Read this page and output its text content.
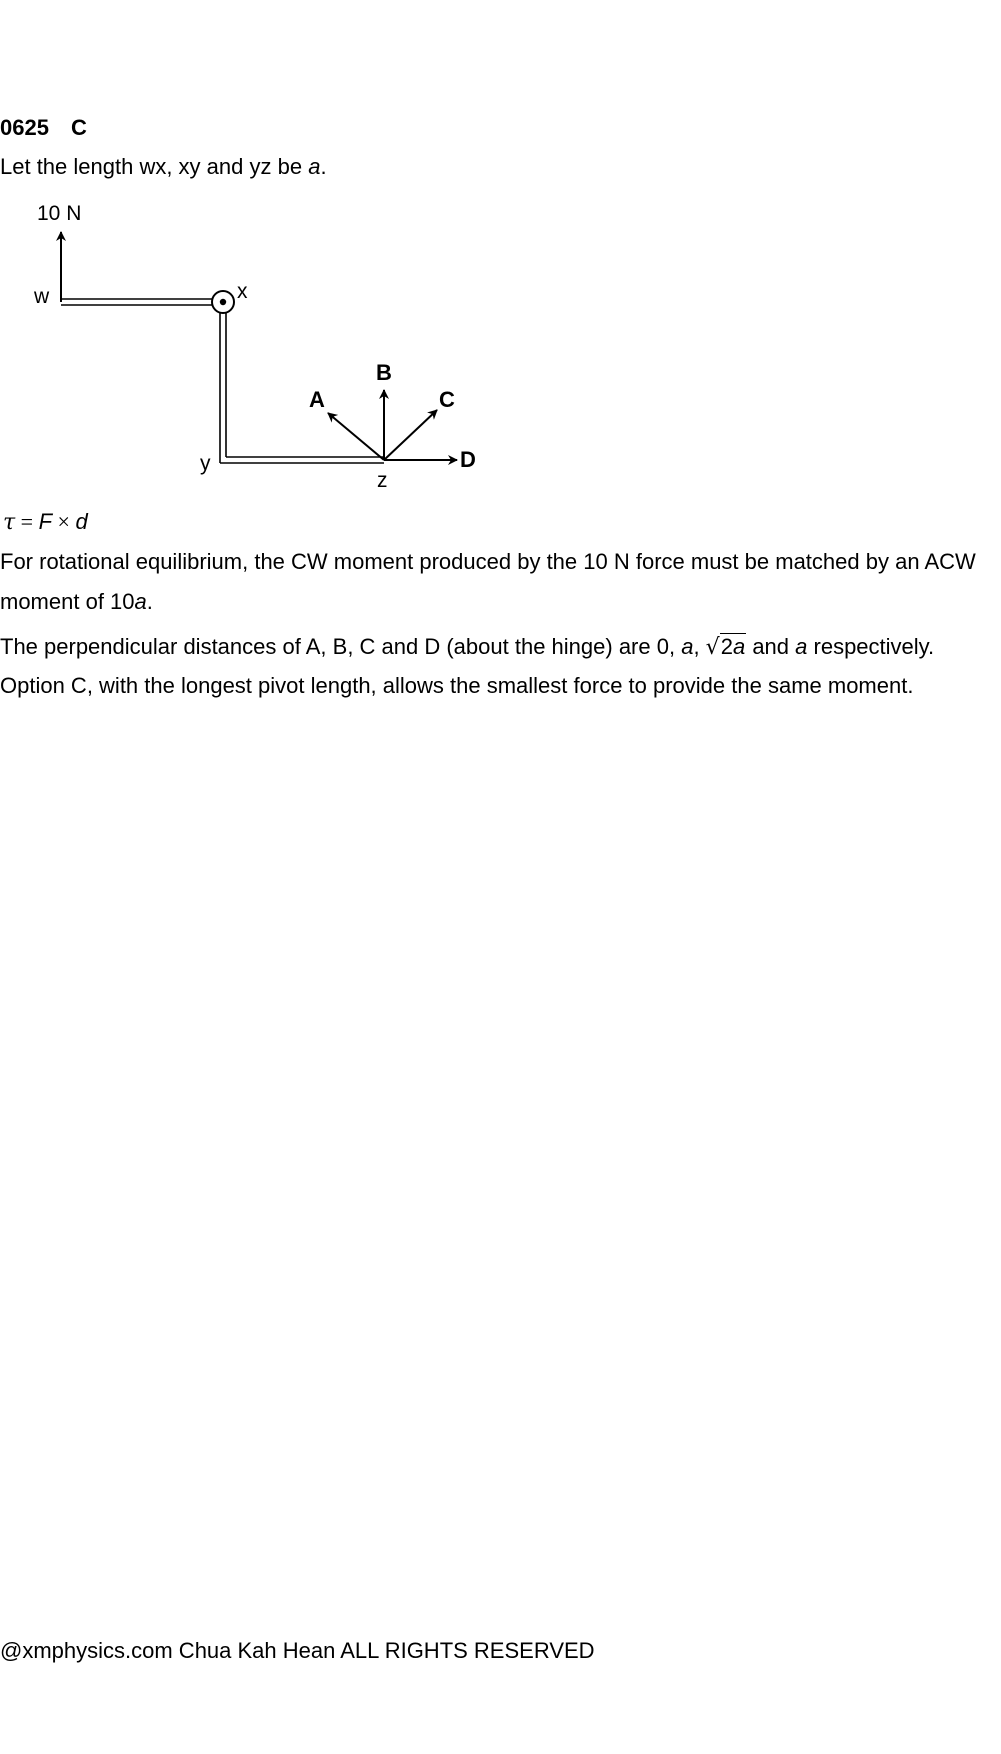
0625 C
Let the length wx, xy and yz be a.
10 N
w	x
y
z
A
B
C
D
τ = F × d
For rotational equilibrium, the CW moment produced by the 10 N force must be matched by an ACW
moment of 10a.
The perpendicular distances of A, B, C and D (about the hinge) are 0, a, √2a and a respectively.
Option C, with the longest pivot length, allows the smallest force to provide the same moment.
@xmphysics.com Chua Kah Hean ALL RIGHTS RESERVED
